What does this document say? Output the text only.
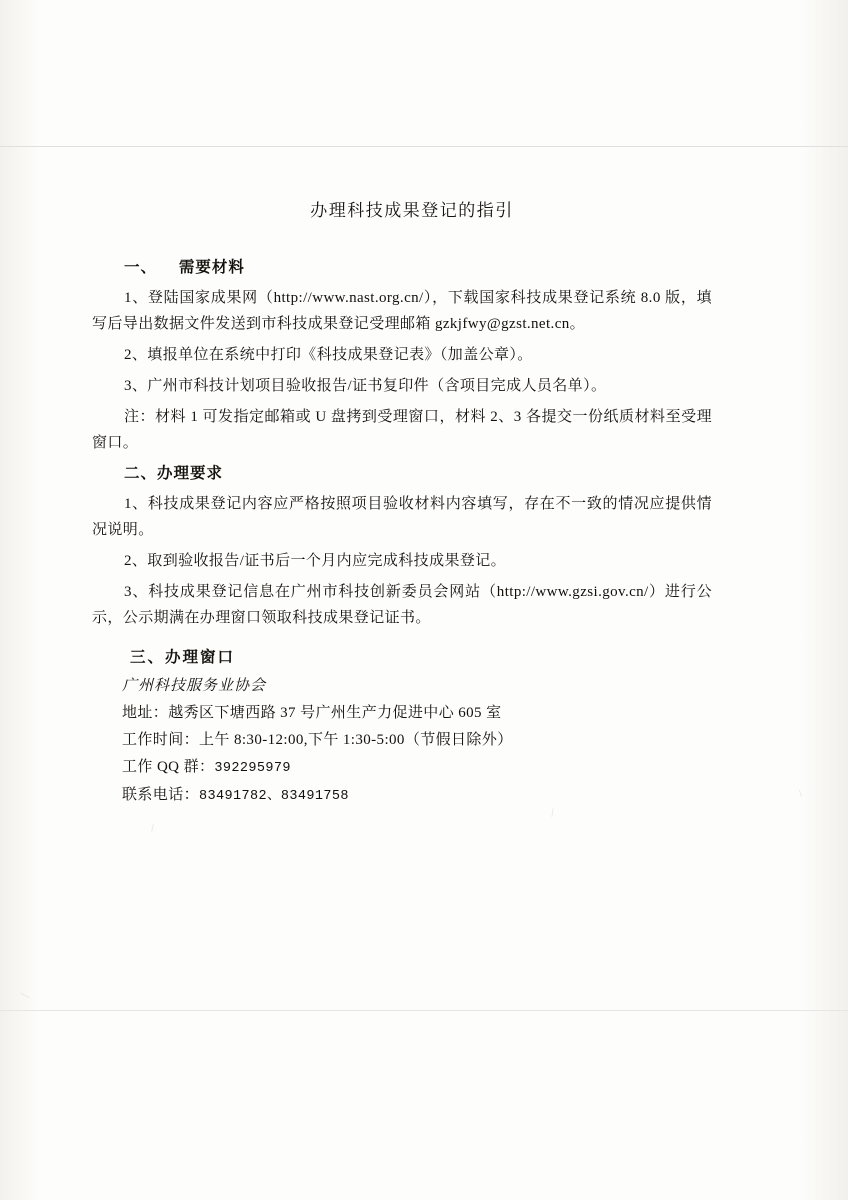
办理科技成果登记的指引
一、 需要材料

1、登陆国家成果网（http://www.nast.org.cn/），下载国家科技成果登记系统 8.0 版，填写后导出数据文件发送到市科技成果登记受理邮箱 gzkjfwy@gzst.net.cn。

2、填报单位在系统中打印《科技成果登记表》（加盖公章）。

3、广州市科技计划项目验收报告/证书复印件（含项目完成人员名单）。

注：材料 1 可发指定邮箱或 U 盘拷到受理窗口，材料 2、3 各提交一份纸质材料至受理窗口。

二、办理要求

1、科技成果登记内容应严格按照项目验收材料内容填写，存在不一致的情况应提供情况说明。

2、取到验收报告/证书后一个月内应完成科技成果登记。

3、科技成果登记信息在广州市科技创新委员会网站（http://www.gzsi.gov.cn/）进行公示，公示期满在办理窗口领取科技成果登记证书。

三、办理窗口

广州科技服务业协会

地址：越秀区下塘西路 37 号广州生产力促进中心 605 室

工作时间：上午 8:30-12:00,下午 1:30-5:00（节假日除外）

工作 QQ 群：392295979

联系电话：83491782、83491758
